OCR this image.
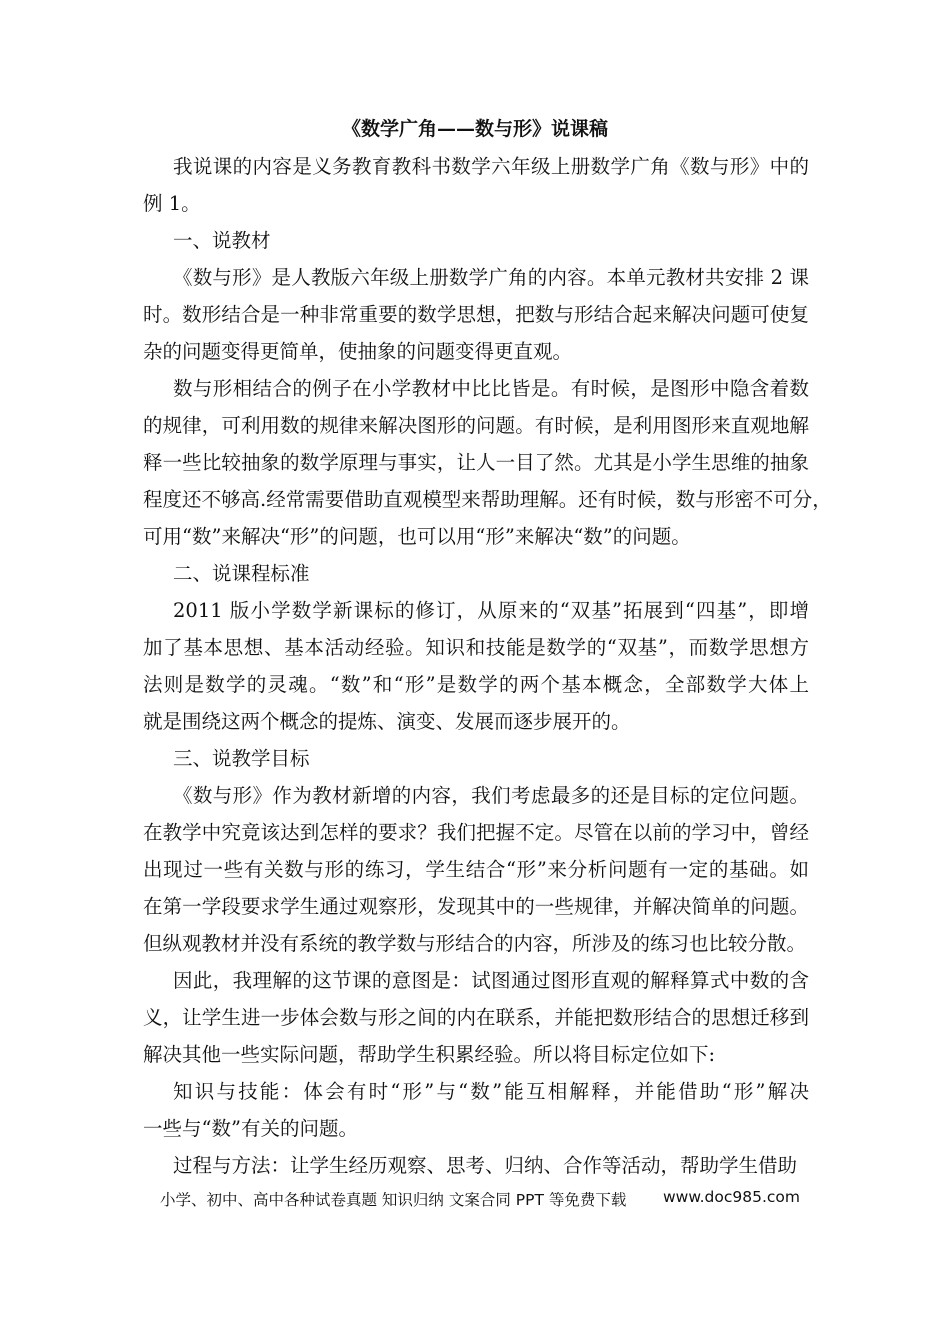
《数学广角——数与形》说课稿
我说课的内容是义务教育教科书数学六年级上册数学广角《数与形》中的
例 1。
一、说教材
《数与形》是人教版六年级上册数学广角的内容。本单元教材共安排 2 课
时。数形结合是一种非常重要的数学思想，把数与形结合起来解决问题可使复
杂的问题变得更简单，使抽象的问题变得更直观。
数与形相结合的例子在小学教材中比比皆是。有时候，是图形中隐含着数
的规律，可利用数的规律来解决图形的问题。有时候，是利用图形来直观地解
释一些比较抽象的数学原理与事实，让人一目了然。尤其是小学生思维的抽象
程度还不够高.经常需要借助直观模型来帮助理解。还有时候，数与形密不可分，
可用“数”来解决“形”的问题，也可以用“形”来解决“数”的问题。
二、说课程标准
2011 版小学数学新课标的修订，从原来的“双基”拓展到“四基”，即增
加了基本思想、基本活动经验。知识和技能是数学的“双基”，而数学思想方
法则是数学的灵魂。“数”和“形”是数学的两个基本概念，全部数学大体上
就是围绕这两个概念的提炼、演变、发展而逐步展开的。
三、说教学目标
《数与形》作为教材新增的内容，我们考虑最多的还是目标的定位问题。
在教学中究竟该达到怎样的要求？我们把握不定。尽管在以前的学习中，曾经
出现过一些有关数与形的练习，学生结合“形”来分析问题有一定的基础。如
在第一学段要求学生通过观察形，发现其中的一些规律，并解决简单的问题。
但纵观教材并没有系统的教学数与形结合的内容，所涉及的练习也比较分散。
因此，我理解的这节课的意图是：试图通过图形直观的解释算式中数的含
义，让学生进一步体会数与形之间的内在联系，并能把数形结合的思想迁移到
解决其他一些实际问题，帮助学生积累经验。所以将目标定位如下:
知识与技能：体会有时“形”与“数”能互相解释，并能借助“形”解决
一些与“数”有关的问题。
过程与方法：让学生经历观察、思考、归纳、合作等活动，帮助学生借助
小学、初中、高中各种试卷真题 知识归纳 文案合同 PPT 等免费下载 www.doc985.com
